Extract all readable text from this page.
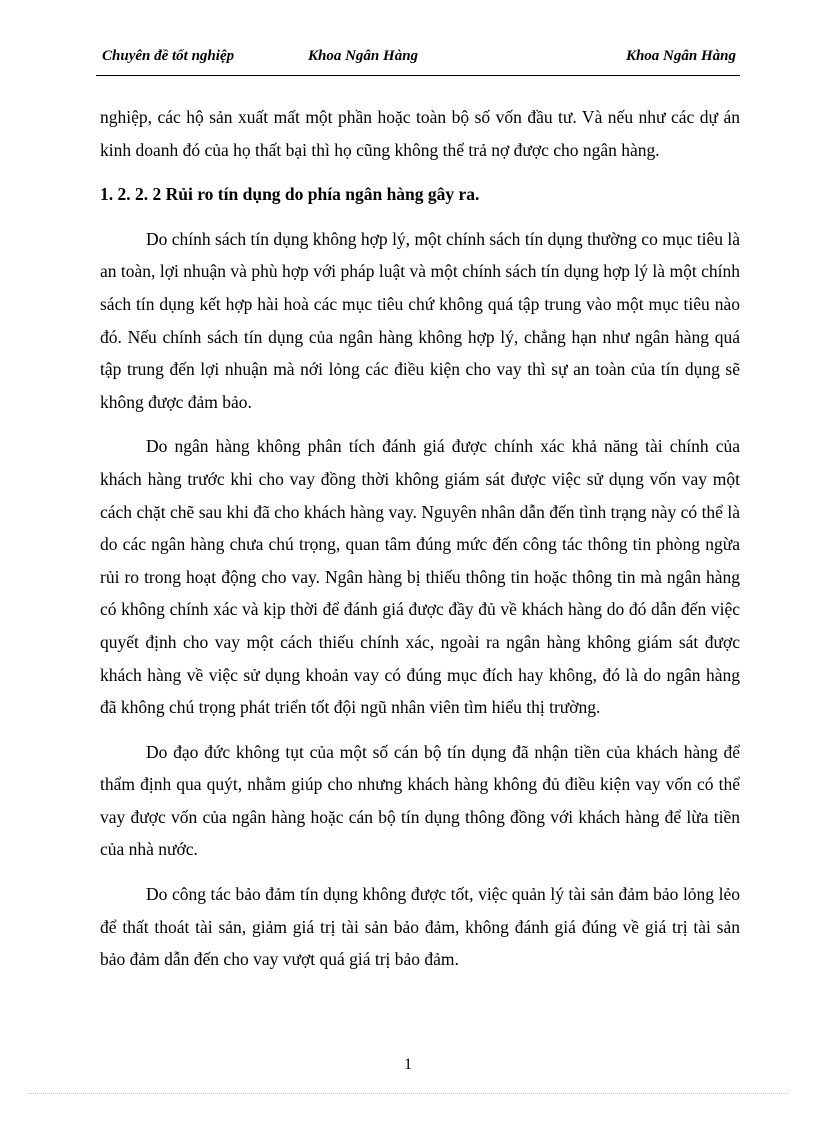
Chuyên đề tốt nghiệp	Khoa Ngân Hàng	Khoa Ngân Hàng

nghiệp, các hộ sản xuất mất một phần hoặc toàn bộ số vốn đầu tư. Và nếu như các dự án kinh doanh đó của họ thất bại thì họ cũng không thể trả nợ được cho ngân hàng.

1. 2. 2. 2 Rủi ro tín dụng do phía ngân hàng gây ra.

Do chính sách tín dụng không hợp lý, một chính sách tín dụng thường co mục tiêu là an toàn, lợi nhuận và phù hợp với pháp luật và một chính sách tín dụng hợp lý là một chính sách tín dụng kết hợp hài hoà các mục tiêu chứ không quá tập trung vào một mục tiêu nào đó. Nếu chính sách tín dụng của ngân hàng không hợp lý, chẳng hạn như ngân hàng quá tập trung đến lợi nhuận mà nới lỏng các điều kiện cho vay thì sự an toàn của tín dụng sẽ không được đảm bảo.

Do ngân hàng không phân tích đánh giá được chính xác khả năng tài chính của khách hàng trước khi cho vay đồng thời không giám sát được việc sử dụng vốn vay một cách chặt chẽ sau khi đã cho khách hàng vay. Nguyên nhân dẫn đến tình trạng này có thể là do các ngân hàng chưa chú trọng, quan tâm đúng mức đến công tác thông tin phòng ngừa rủi ro trong hoạt động cho vay. Ngân hàng bị thiếu thông tin hoặc thông tin mà ngân hàng có không chính xác và kịp thời để đánh giá được đầy đủ về khách hàng do đó dẫn đến việc quyết định cho vay một cách thiếu chính xác, ngoài ra ngân hàng không giám sát được khách hàng về việc sử dụng khoản vay có đúng mục đích hay không, đó là do ngân hàng đã không chú trọng phát triển tốt đội ngũ nhân viên tìm hiểu thị trường.

Do đạo đức không tụt của một số cán bộ tín dụng đã nhận tiền của khách hàng để thẩm định qua quýt, nhằm giúp cho nhưng khách hàng không đủ điều kiện vay vốn có thể vay được vốn của ngân hàng hoặc cán bộ tín dụng thông đồng với khách hàng để lừa tiền của nhà nước.

Do công tác bảo đảm tín dụng không được tốt, việc quản lý tài sản đảm bảo lỏng lẻo để thất thoát tài sản, giảm giá trị tài sản bảo đảm, không đánh giá đúng về giá trị tài sản bảo đảm dẫn đến cho vay vượt quá giá trị bảo đảm.

1
